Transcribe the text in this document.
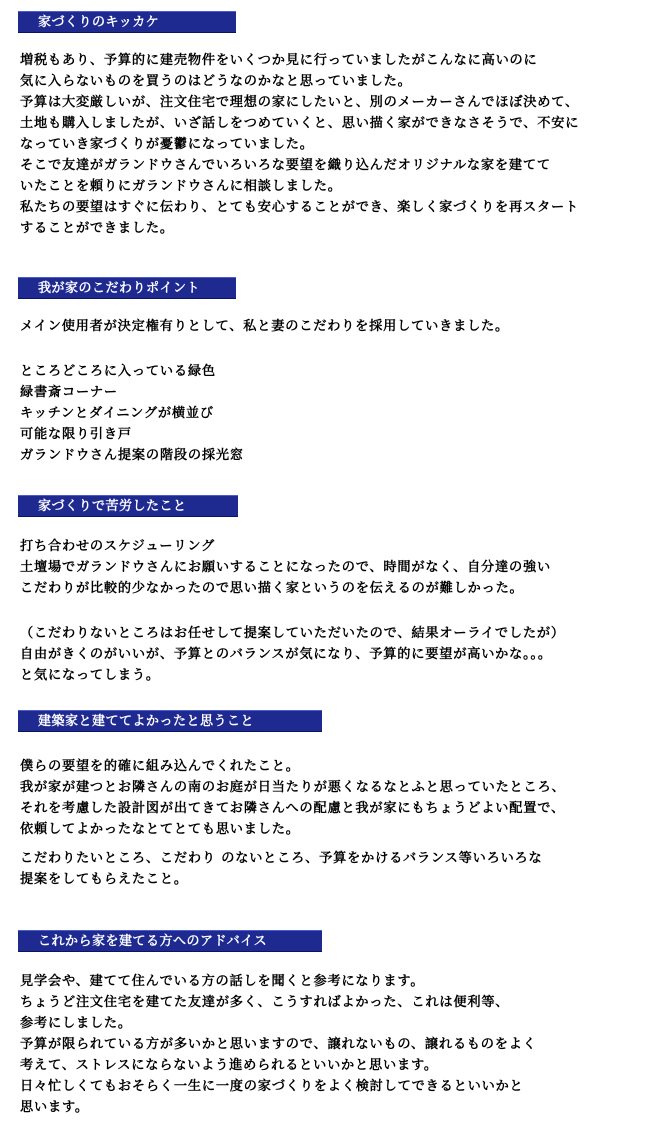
家づくりのキッカケ

増税もあり、予算的に建売物件をいくつか見に行っていましたがこんなに高いのに
気に入らないものを買うのはどうなのかなと思っていました。
予算は大変厳しいが、注文住宅で理想の家にしたいと、別のメーカーさんでほぼ決めて、
土地も購入しましたが、いざ話しをつめていくと、思い描く家ができなさそうで、不安に
なっていき家づくりが憂鬱になっていました。
そこで友達がガランドウさんでいろいろな要望を織り込んだオリジナルな家を建てて
いたことを頼りにガランドウさんに相談しました。
私たちの要望はすぐに伝わり、とても安心することができ、楽しく家づくりを再スタート
することができました。

我が家のこだわりポイント

メイン使用者が決定権有りとして、私と妻のこだわりを採用していきました。

ところどころに入っている緑色
緑書斎コーナー
キッチンとダイニングが横並び
可能な限り引き戸
ガランドウさん提案の階段の採光窓

家づくりで苦労したこと

打ち合わせのスケジューリング
土壇場でガランドウさんにお願いすることになったので、時間がなく、自分達の強い
こだわりが比較的少なかったので思い描く家というのを伝えるのが難しかった。

（こだわりないところはお任せして提案していただいたので、結果オーライでしたが）
自由がきくのがいいが、予算とのバランスが気になり、予算的に要望が高いかな。。。
と気になってしまう。

建築家と建ててよかったと思うこと

僕らの要望を的確に組み込んでくれたこと。
我が家が建つとお隣さんの南のお庭が日当たりが悪くなるなとふと思っていたところ、
それを考慮した設計図が出てきてお隣さんへの配慮と我が家にもちょうどよい配置で、
依頼してよかったなとてとても思いました。

こだわりたいところ、こだわり のないところ、予算をかけるバランス等いろいろな
提案をしてもらえたこと。

これから家を建てる方へのアドバイス

見学会や、建てて住んでいる方の話しを聞くと参考になります。
ちょうど注文住宅を建てた友達が多く、こうすればよかった、これは便利等、
参考にしました。
予算が限られている方が多いかと思いますので、譲れないもの、譲れるものをよく
考えて、ストレスにならないよう進められるといいかと思います。
日々忙しくてもおそらく一生に一度の家づくりをよく検討してできるといいかと
思います。
